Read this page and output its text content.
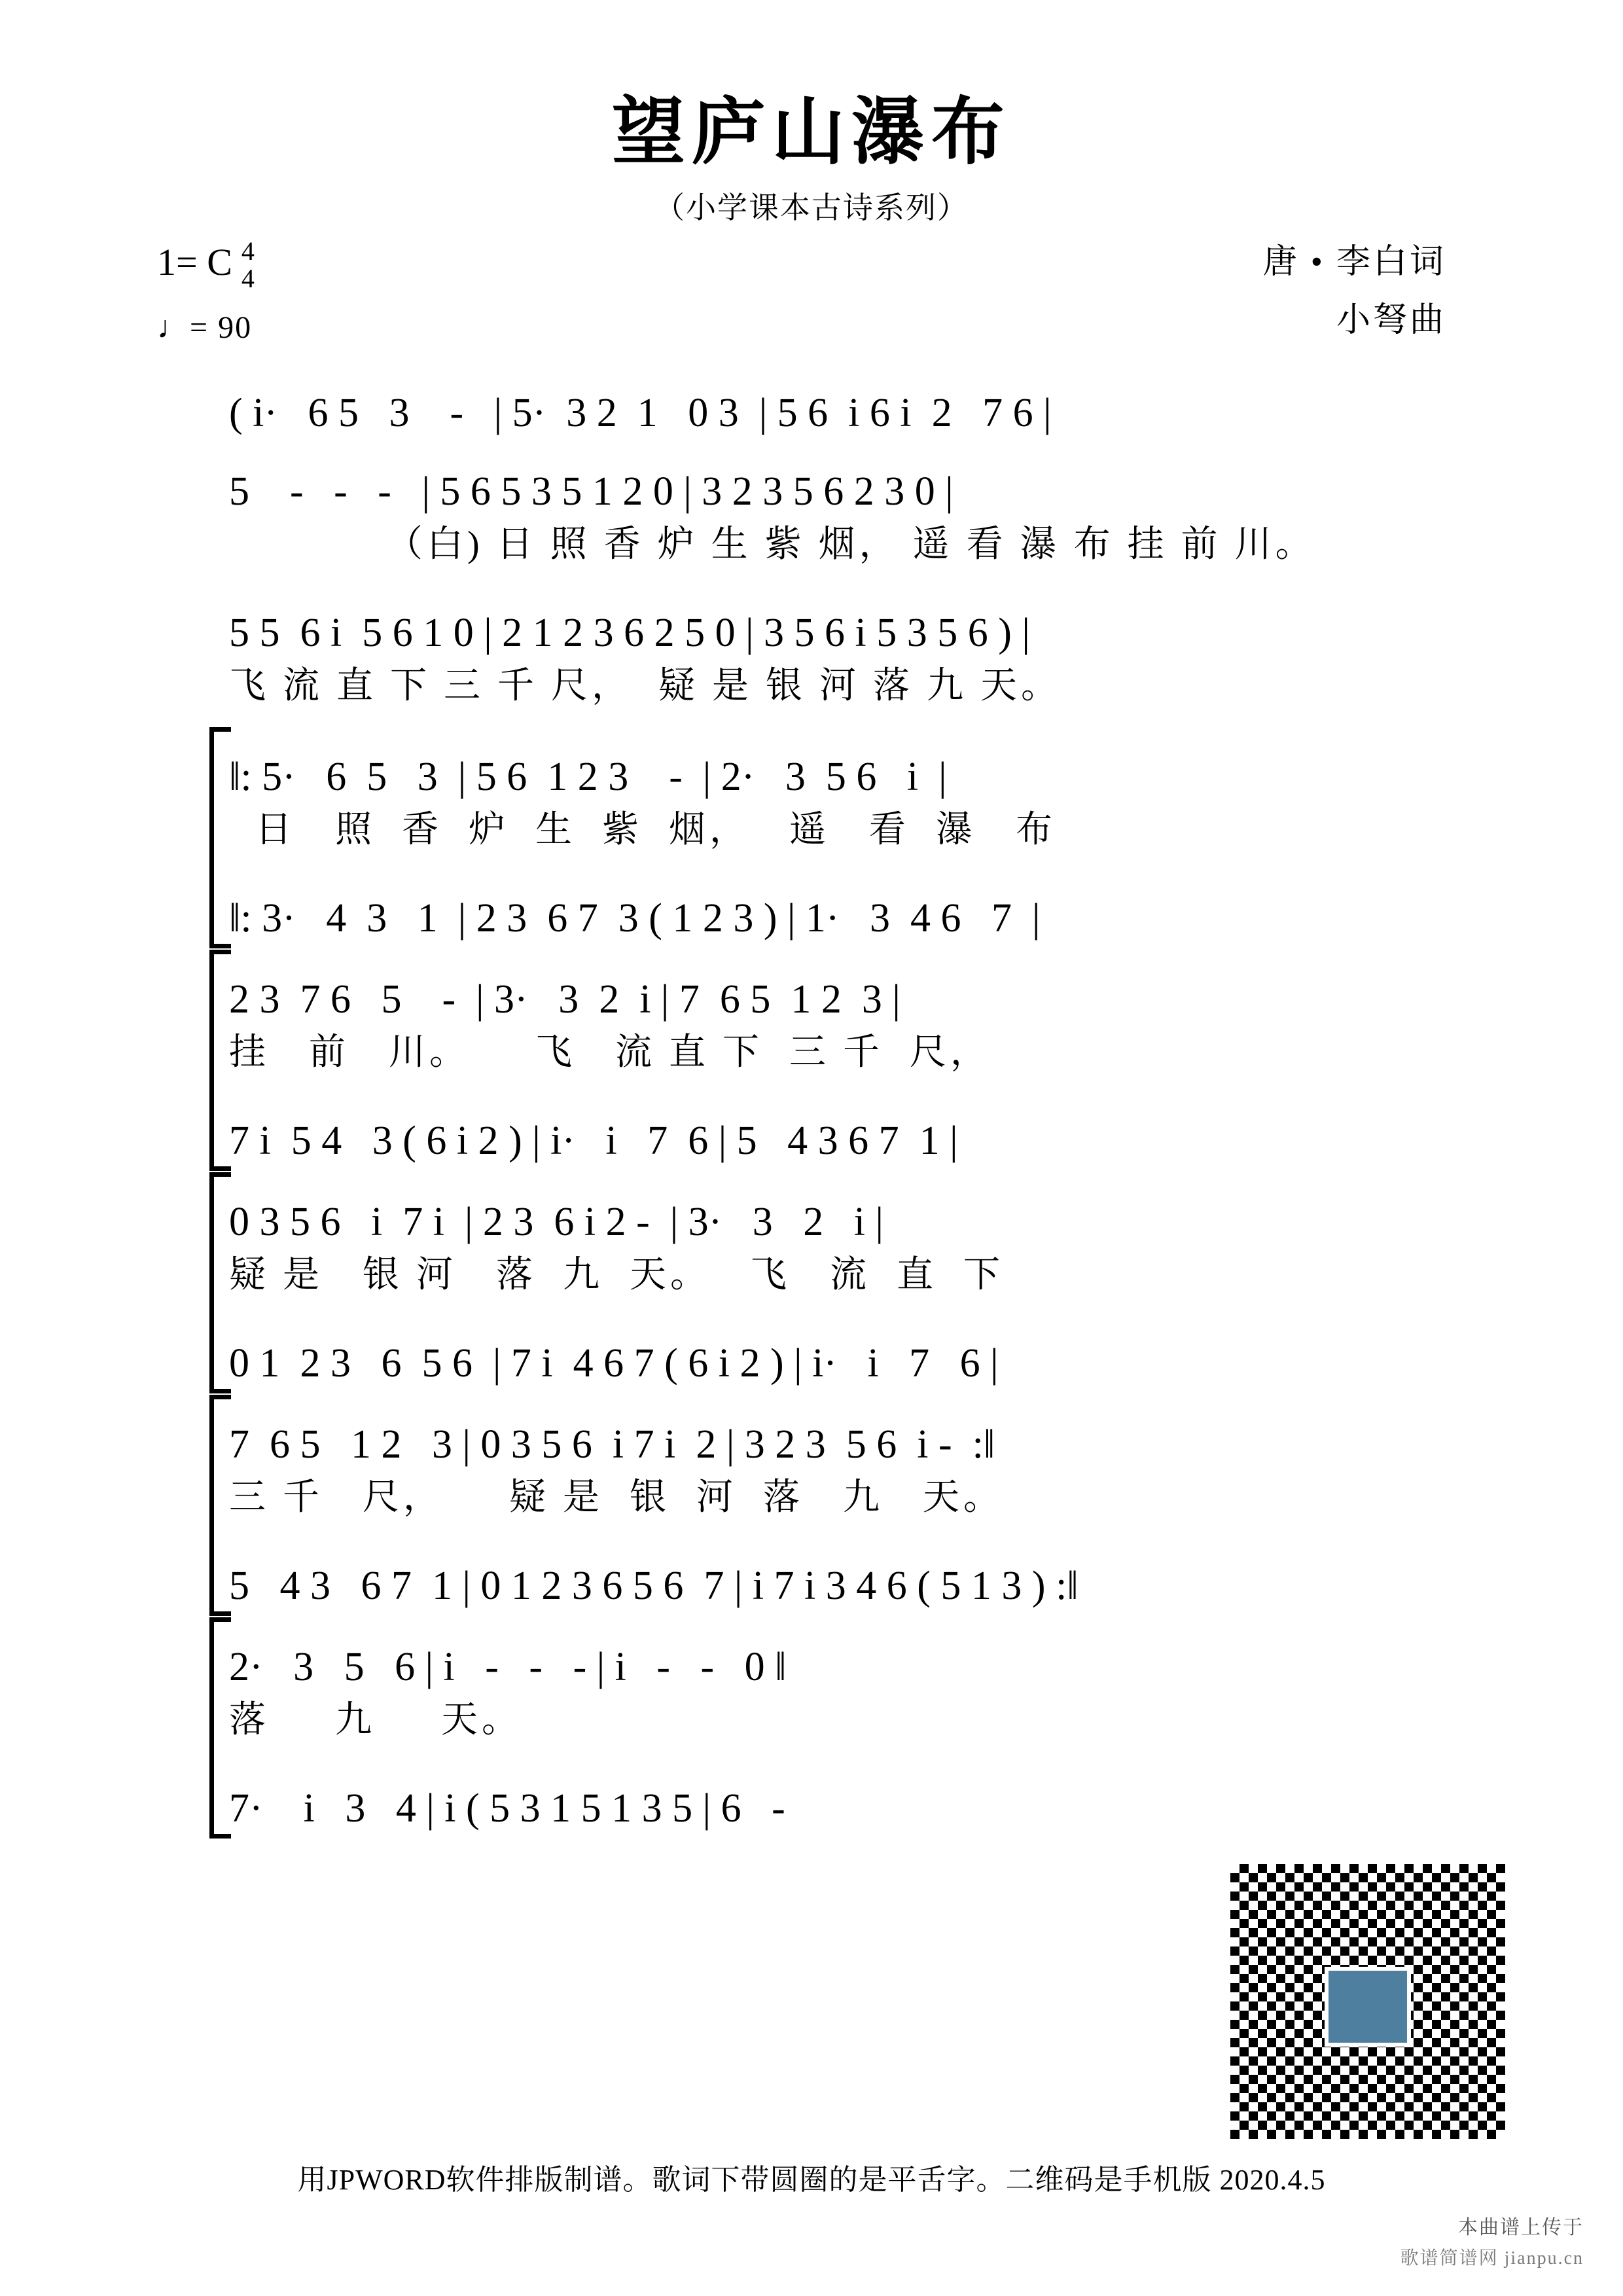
望庐山瀑布
（小学课本古诗系列）
1= C 4
4
♩= 90
唐 • 李白词
小弩曲
( i·   6 5   3    -   | 5·  3 2  1   0 3  | 5 6  i 6 i  2   7 6 |
5    -   -   -   | 5 6 5 3 5 1 2 0 | 3 2 3 5 6 2 3 0 |
（白) 日 照 香 炉 生 紫 烟， 遥 看 瀑 布 挂 前 川。
5 5  6 i  5 6 1 0 | 2 1 2 3 6 2 5 0 | 3 5 6 i 5 3 5 6 ) |
飞 流 直 下 三 千 尺，  疑 是 银 河 落 九 天。
‖: 5·   6  5   3  | 5 6  1 2 3    -  | 2·   3  5 6   i  |
日   照  香  炉  生  紫  烟，   遥   看  瀑   布
‖: 3·   4  3   1  | 2 3  6 7  3 ( 1 2 3 ) | 1·   3  4 6   7  |
2 3  7 6   5    -  | 3·   3  2  i | 7  6 5  1 2  3 |
挂   前   川。     飞   流 直 下  三 千  尺，
7 i  5 4   3 ( 6 i 2 ) | i·   i   7  6 | 5   4 3 6 7  1 |
0 3 5 6   i  7 i  | 2 3  6 i 2 -  | 3·   3   2   i |
疑 是   银 河   落  九  天。   飞   流  直  下
0 1  2 3   6  5 6  | 7 i  4 6 7 ( 6 i 2 ) | i·   i   7   6 |
7  6 5   1 2   3 | 0 3 5 6  i 7 i  2 | 3 2 3  5 6  i -  :‖
三 千   尺，     疑 是  银  河  落   九   天。
5   4 3   6 7  1 | 0 1 2 3 6 5 6  7 | i 7 i 3 4 6 ( 5 1 3 ) :‖
2·   3   5   6 | i   -   -   - | i   -   -   0 ‖
落     九     天。
7·    i   3   4 | i ( 5 3 1 5 1 3 5 | 6   -
用JPWORD软件排版制谱。歌词下带圆圈的是平舌字。二维码是手机版 2020.4.5
本曲谱上传于
歌谱简谱网 jianpu.cn
